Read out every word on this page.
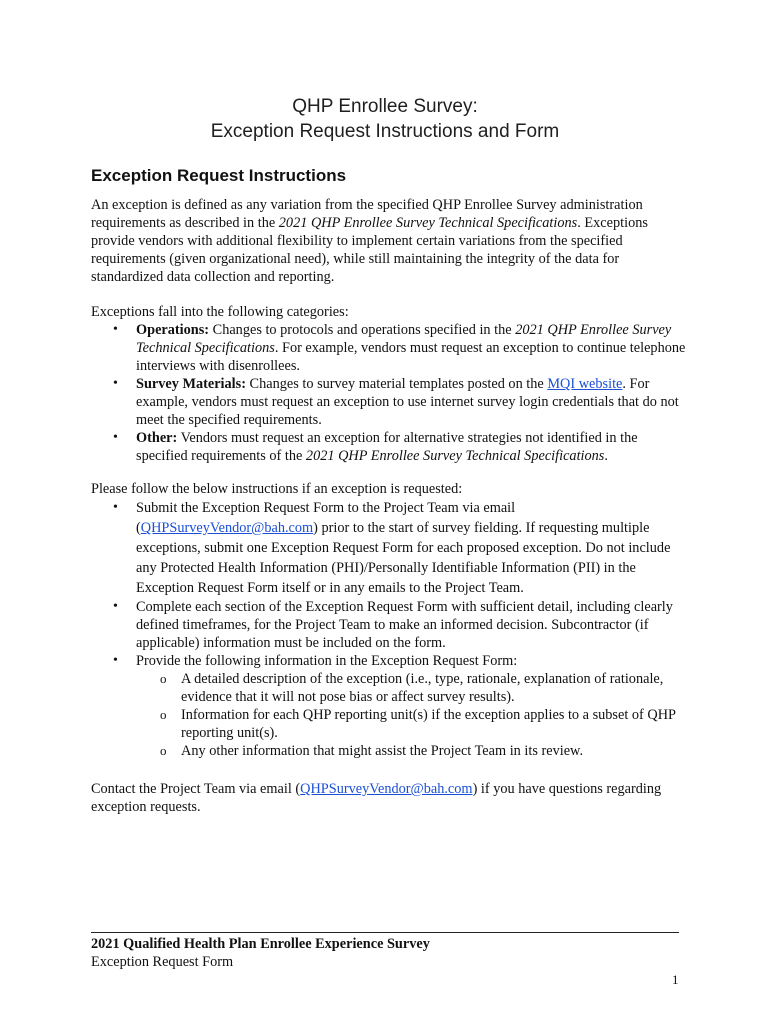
QHP Enrollee Survey:
Exception Request Instructions and Form
Exception Request Instructions
An exception is defined as any variation from the specified QHP Enrollee Survey administration requirements as described in the 2021 QHP Enrollee Survey Technical Specifications. Exceptions provide vendors with additional flexibility to implement certain variations from the specified requirements (given organizational need), while still maintaining the integrity of the data for standardized data collection and reporting.
Exceptions fall into the following categories:
• Operations: Changes to protocols and operations specified in the 2021 QHP Enrollee Survey Technical Specifications. For example, vendors must request an exception to continue telephone interviews with disenrollees.
• Survey Materials: Changes to survey material templates posted on the MQI website. For example, vendors must request an exception to use internet survey login credentials that do not meet the specified requirements.
• Other: Vendors must request an exception for alternative strategies not identified in the specified requirements of the 2021 QHP Enrollee Survey Technical Specifications.
Please follow the below instructions if an exception is requested:
• Submit the Exception Request Form to the Project Team via email (QHPSurveyVendor@bah.com) prior to the start of survey fielding. If requesting multiple exceptions, submit one Exception Request Form for each proposed exception. Do not include any Protected Health Information (PHI)/Personally Identifiable Information (PII) in the Exception Request Form itself or in any emails to the Project Team.
• Complete each section of the Exception Request Form with sufficient detail, including clearly defined timeframes, for the Project Team to make an informed decision. Subcontractor (if applicable) information must be included on the form.
• Provide the following information in the Exception Request Form:
o A detailed description of the exception (i.e., type, rationale, explanation of rationale, evidence that it will not pose bias or affect survey results).
o Information for each QHP reporting unit(s) if the exception applies to a subset of QHP reporting unit(s).
o Any other information that might assist the Project Team in its review.
Contact the Project Team via email (QHPSurveyVendor@bah.com) if you have questions regarding exception requests.
2021 Qualified Health Plan Enrollee Experience Survey
Exception Request Form
1
